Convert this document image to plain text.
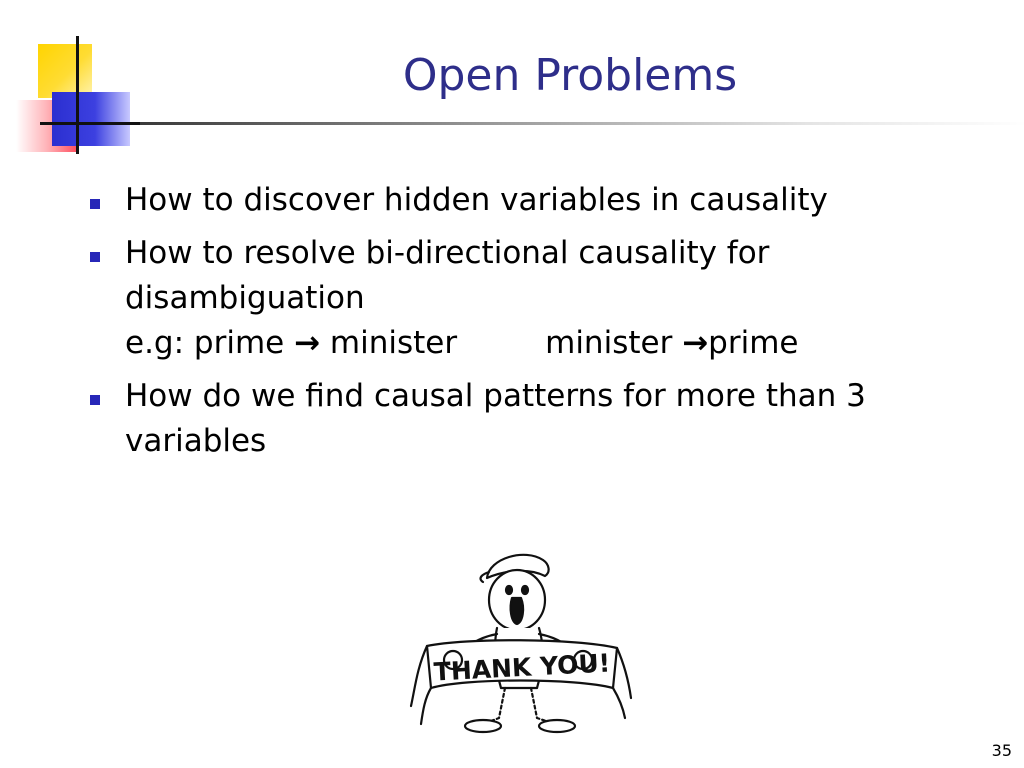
Open Problems
How to discover hidden variables in causality
How to resolve bi-directional causality for
disambiguation
e.g: prime → minister	minister →prime
How do we find causal patterns for more than 3
variables
THANK YOU!
35
